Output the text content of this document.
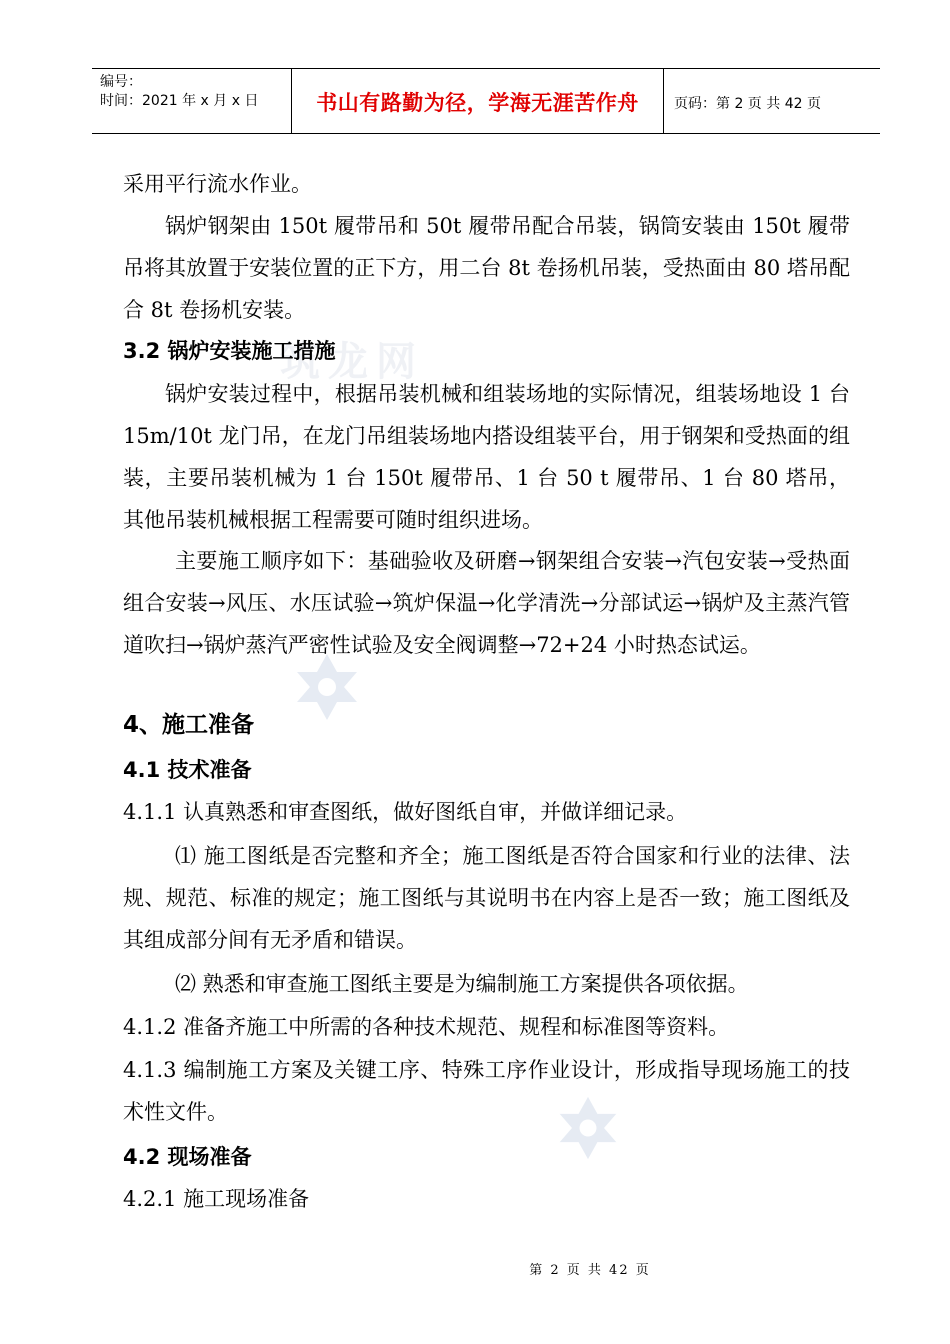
筑龙网
编号：
时间：2021 年 x 月 x 日	书山有路勤为径，学海无涯苦作舟	页码：第 2 页 共 42 页
采用平行流水作业。
锅炉钢架由 150t 履带吊和 50t 履带吊配合吊装，锅筒安装由 150t 履带吊将其放置于安装位置的正下方，用二台 8t 卷扬机吊装，受热面由 80 塔吊配合 8t 卷扬机安装。
3.2 锅炉安装施工措施
锅炉安装过程中，根据吊装机械和组装场地的实际情况，组装场地设 1 台 15m/10t 龙门吊，在龙门吊组装场地内搭设组装平台，用于钢架和受热面的组装，主要吊装机械为 1 台 150t 履带吊、1 台 50 t 履带吊、1 台 80 塔吊，其他吊装机械根据工程需要可随时组织进场。
主要施工顺序如下：基础验收及研磨→钢架组合安装→汽包安装→受热面组合安装→风压、水压试验→筑炉保温→化学清洗→分部试运→锅炉及主蒸汽管道吹扫→锅炉蒸汽严密性试验及安全阀调整→72+24 小时热态试运。
4、施工准备
4.1 技术准备
4.1.1 认真熟悉和审查图纸，做好图纸自审，并做详细记录。
⑴ 施工图纸是否完整和齐全；施工图纸是否符合国家和行业的法律、法规、规范、标准的规定；施工图纸与其说明书在内容上是否一致；施工图纸及其组成部分间有无矛盾和错误。
⑵ 熟悉和审查施工图纸主要是为编制施工方案提供各项依据。
4.1.2 准备齐施工中所需的各种技术规范、规程和标准图等资料。
4.1.3 编制施工方案及关键工序、特殊工序作业设计，形成指导现场施工的技术性文件。
4.2 现场准备
4.2.1 施工现场准备
第 2 页 共 42 页
